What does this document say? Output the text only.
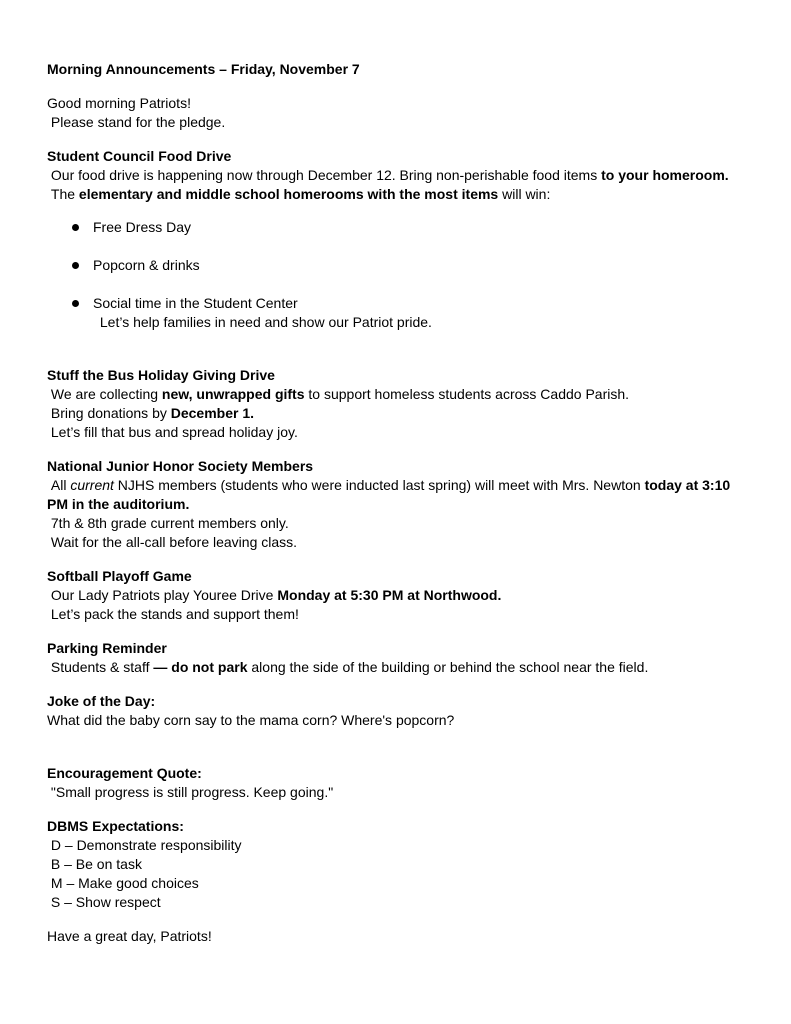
Morning Announcements – Friday, November 7
Good morning Patriots!
Please stand for the pledge.
Student Council Food Drive
Our food drive is happening now through December 12. Bring non-perishable food items to your homeroom.
The elementary and middle school homerooms with the most items will win:
Free Dress Day
Popcorn & drinks
Social time in the Student Center
Let’s help families in need and show our Patriot pride.
Stuff the Bus Holiday Giving Drive
We are collecting new, unwrapped gifts to support homeless students across Caddo Parish.
Bring donations by December 1.
Let’s fill that bus and spread holiday joy.
National Junior Honor Society Members
All current NJHS members (students who were inducted last spring) will meet with Mrs. Newton today at 3:10 PM in the auditorium.
7th & 8th grade current members only.
Wait for the all-call before leaving class.
Softball Playoff Game
Our Lady Patriots play Youree Drive Monday at 5:30 PM at Northwood.
Let’s pack the stands and support them!
Parking Reminder
Students & staff — do not park along the side of the building or behind the school near the field.
Joke of the Day:
What did the baby corn say to the mama corn? Where's popcorn?
Encouragement Quote:
"Small progress is still progress. Keep going."
DBMS Expectations:
D – Demonstrate responsibility
B – Be on task
M – Make good choices
S – Show respect
Have a great day, Patriots!
